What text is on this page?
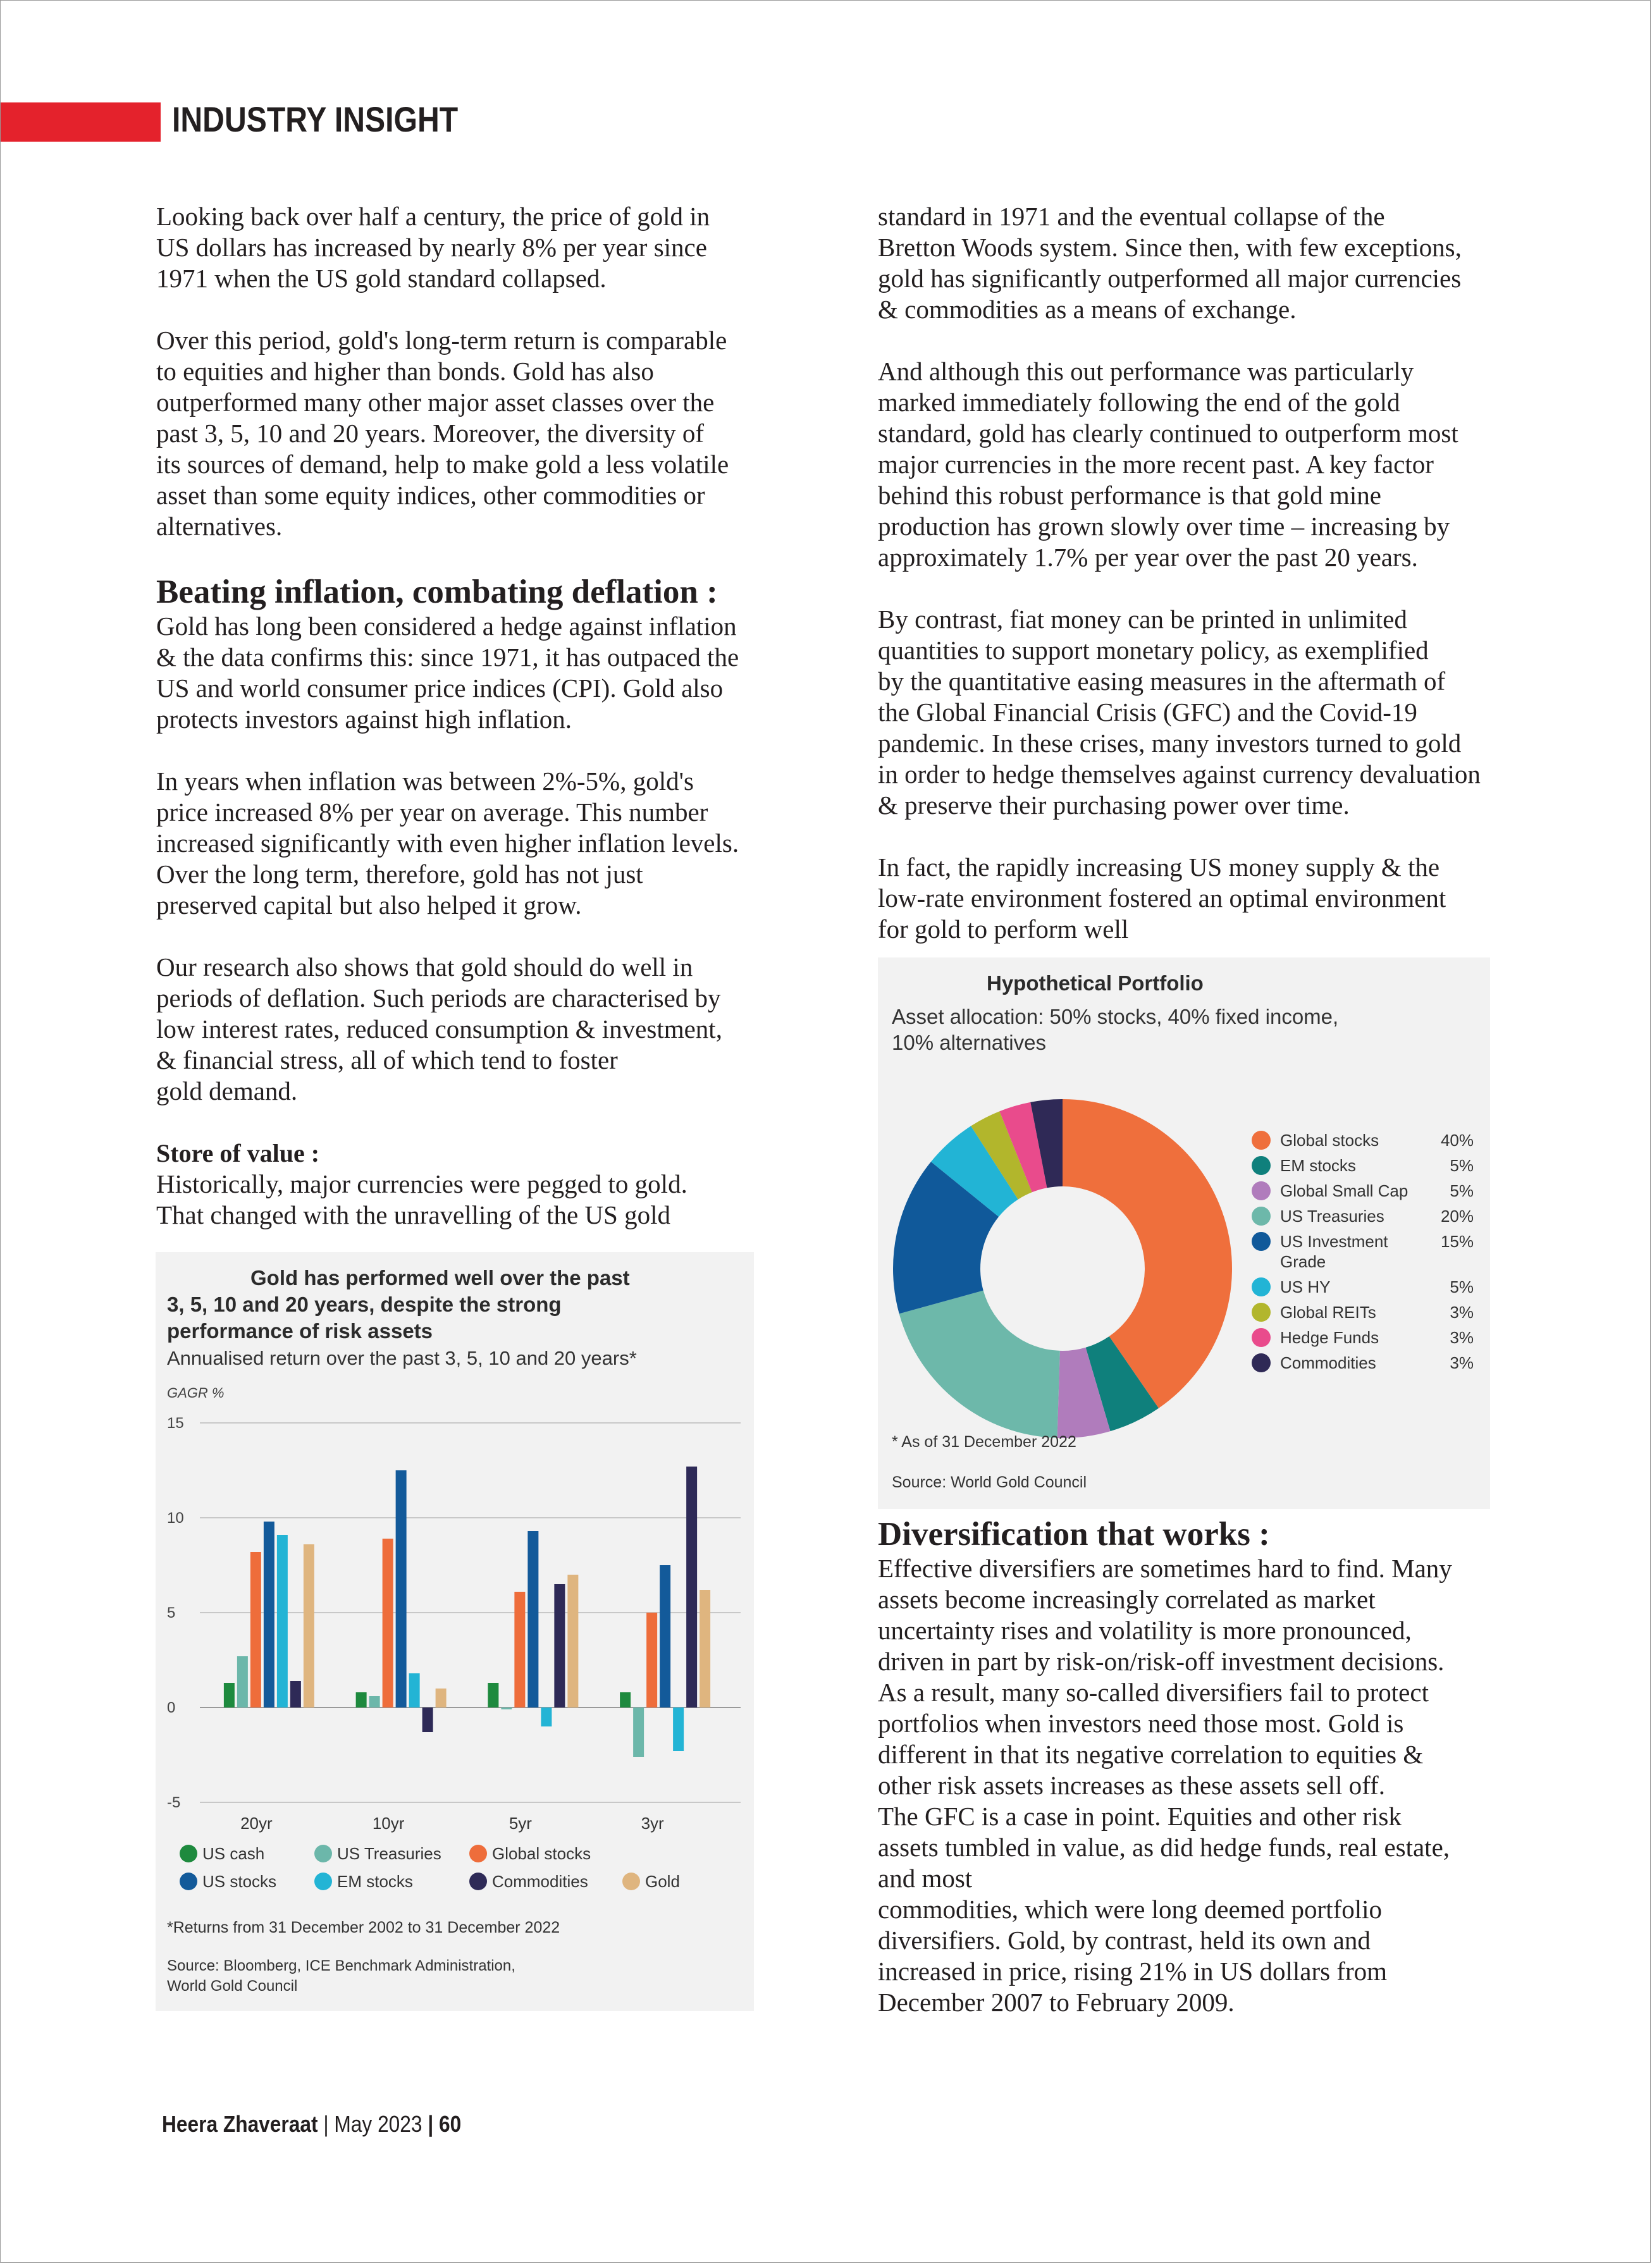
INDUSTRY INSIGHT

Looking back over half a century, the price of gold in
US dollars has increased by nearly 8% per year since
1971 when the US gold standard collapsed.

Over this period, gold's long-term return is comparable
to equities and higher than bonds. Gold has also
outperformed many other major asset classes over the
past 3, 5, 10 and 20 years. Moreover, the diversity of
its sources of demand, help to make gold a less volatile
asset than some equity indices, other commodities or
alternatives.

Beating inflation, combating deflation :

Gold has long been considered a hedge against inflation
& the data confirms this: since 1971, it has outpaced the
US and world consumer price indices (CPI). Gold also
protects investors against high inflation.

In years when inflation was between 2%-5%, gold's
price increased 8% per year on average. This number
increased significantly with even higher inflation levels.
Over the long term, therefore, gold has not just
preserved capital but also helped it grow.

Our research also shows that gold should do well in
periods of deflation. Such periods are characterised by
low interest rates, reduced consumption & investment,
& financial stress, all of which tend to foster
gold demand.

Store of value :

Historically, major currencies were pegged to gold.
That changed with the unravelling of the US gold

Gold has performed well over the past
3, 5, 10 and 20 years, despite the strong
performance of risk assets
Annualised return over the past 3, 5, 10 and 20 years*
GAGR %
15
10
5
0
-5
20yr	10yr	5yr	3yr
US cash	US Treasuries	Global stocks
US stocks	EM stocks	Commodities	Gold
*Returns from 31 December 2002 to 31 December 2022
Source: Bloomberg, ICE Benchmark Administration,
World Gold Council

standard in 1971 and the eventual collapse of the
Bretton Woods system. Since then, with few exceptions,
gold has significantly outperformed all major currencies
& commodities as a means of exchange.

And although this out performance was particularly
marked immediately following the end of the gold
standard, gold has clearly continued to outperform most
major currencies in the more recent past. A key factor
behind this robust performance is that gold mine
production has grown slowly over time – increasing by
approximately 1.7% per year over the past 20 years.

By contrast, fiat money can be printed in unlimited
quantities to support monetary policy, as exemplified
by the quantitative easing measures in the aftermath of
the Global Financial Crisis (GFC) and the Covid-19
pandemic. In these crises, many investors turned to gold
in order to hedge themselves against currency devaluation
& preserve their purchasing power over time.

In fact, the rapidly increasing US money supply & the
low-rate environment fostered an optimal environment
for gold to perform well

Hypothetical Portfolio
Asset allocation: 50% stocks, 40% fixed income,
10% alternatives
Global stocks	40%
EM stocks	5%
Global Small Cap	5%
US Treasuries	20%
US Investment
Grade
15%
US HY	5%
Global REITs	3%
Hedge Funds	3%
Commodities	3%
* As of 31 December 2022
Source: World Gold Council
Diversification that works :

Effective diversifiers are sometimes hard to find. Many
assets become increasingly correlated as market
uncertainty rises and volatility is more pronounced,
driven in part by risk-on/risk-off investment decisions.
As a result, many so-called diversifiers fail to protect
portfolios when investors need those most. Gold is
different in that its negative correlation to equities &
other risk assets increases as these assets sell off.
The GFC is a case in point. Equities and other risk
assets tumbled in value, as did hedge funds, real estate,
and most
commodities, which were long deemed portfolio
diversifiers. Gold, by contrast, held its own and
increased in price, rising 21% in US dollars from
December 2007 to February 2009.

Heera Zhaveraat | May 2023 | 60
